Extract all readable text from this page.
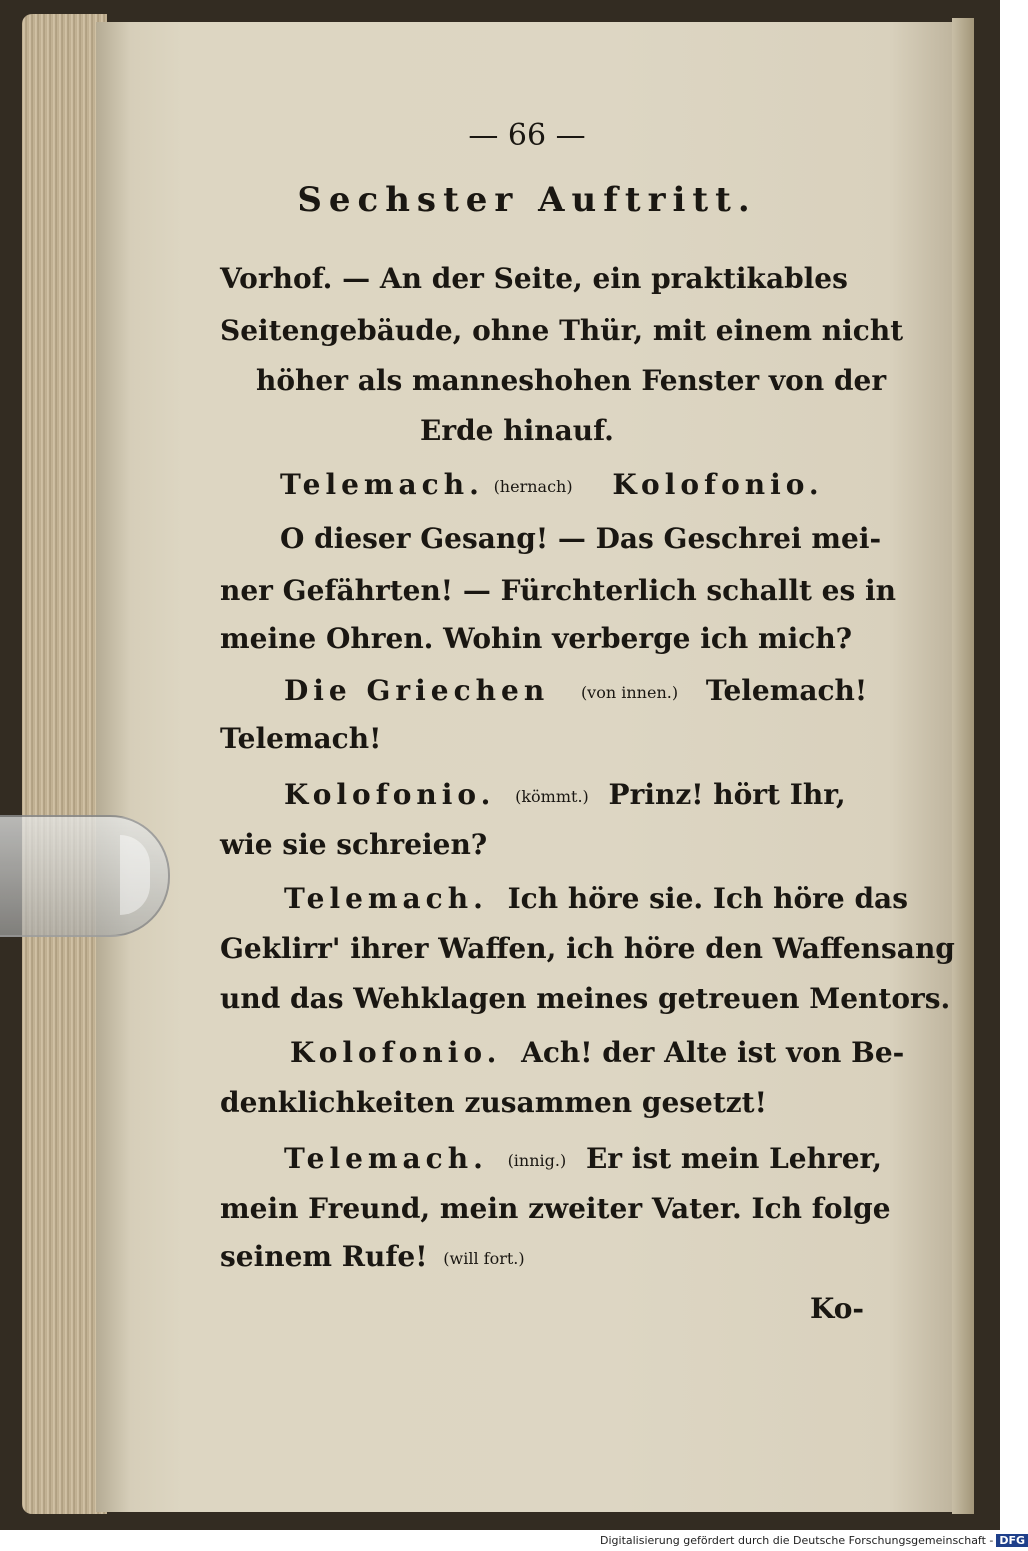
— 66 —
Sechster Auftritt.
Vorhof. — An der Seite, ein praktikables
Seitengebäude, ohne Thür, mit einem nicht
höher als manneshohen Fenster von der
Erde hinauf.
Telemach. (hernach) Kolofonio.
O dieser Gesang! — Das Geschrei mei-
ner Gefährten! — Fürchterlich schallt es in
meine Ohren. Wohin verberge ich mich?
Die Griechen (von innen.) Telemach!
Telemach!
Kolofonio. (kömmt.) Prinz! hört Ihr,
wie sie schreien?
Telemach. Ich höre sie. Ich höre das
Geklirr' ihrer Waffen, ich höre den Waffensang
und das Wehklagen meines getreuen Mentors.
Kolofonio. Ach! der Alte ist von Be-
denklichkeiten zusammen gesetzt!
Telemach. (innig.) Er ist mein Lehrer,
mein Freund, mein zweiter Vater. Ich folge
seinem Rufe! (will fort.)
Ko-
Digitalisierung gefördert durch die Deutsche Forschungsgemeinschaft - DFG
